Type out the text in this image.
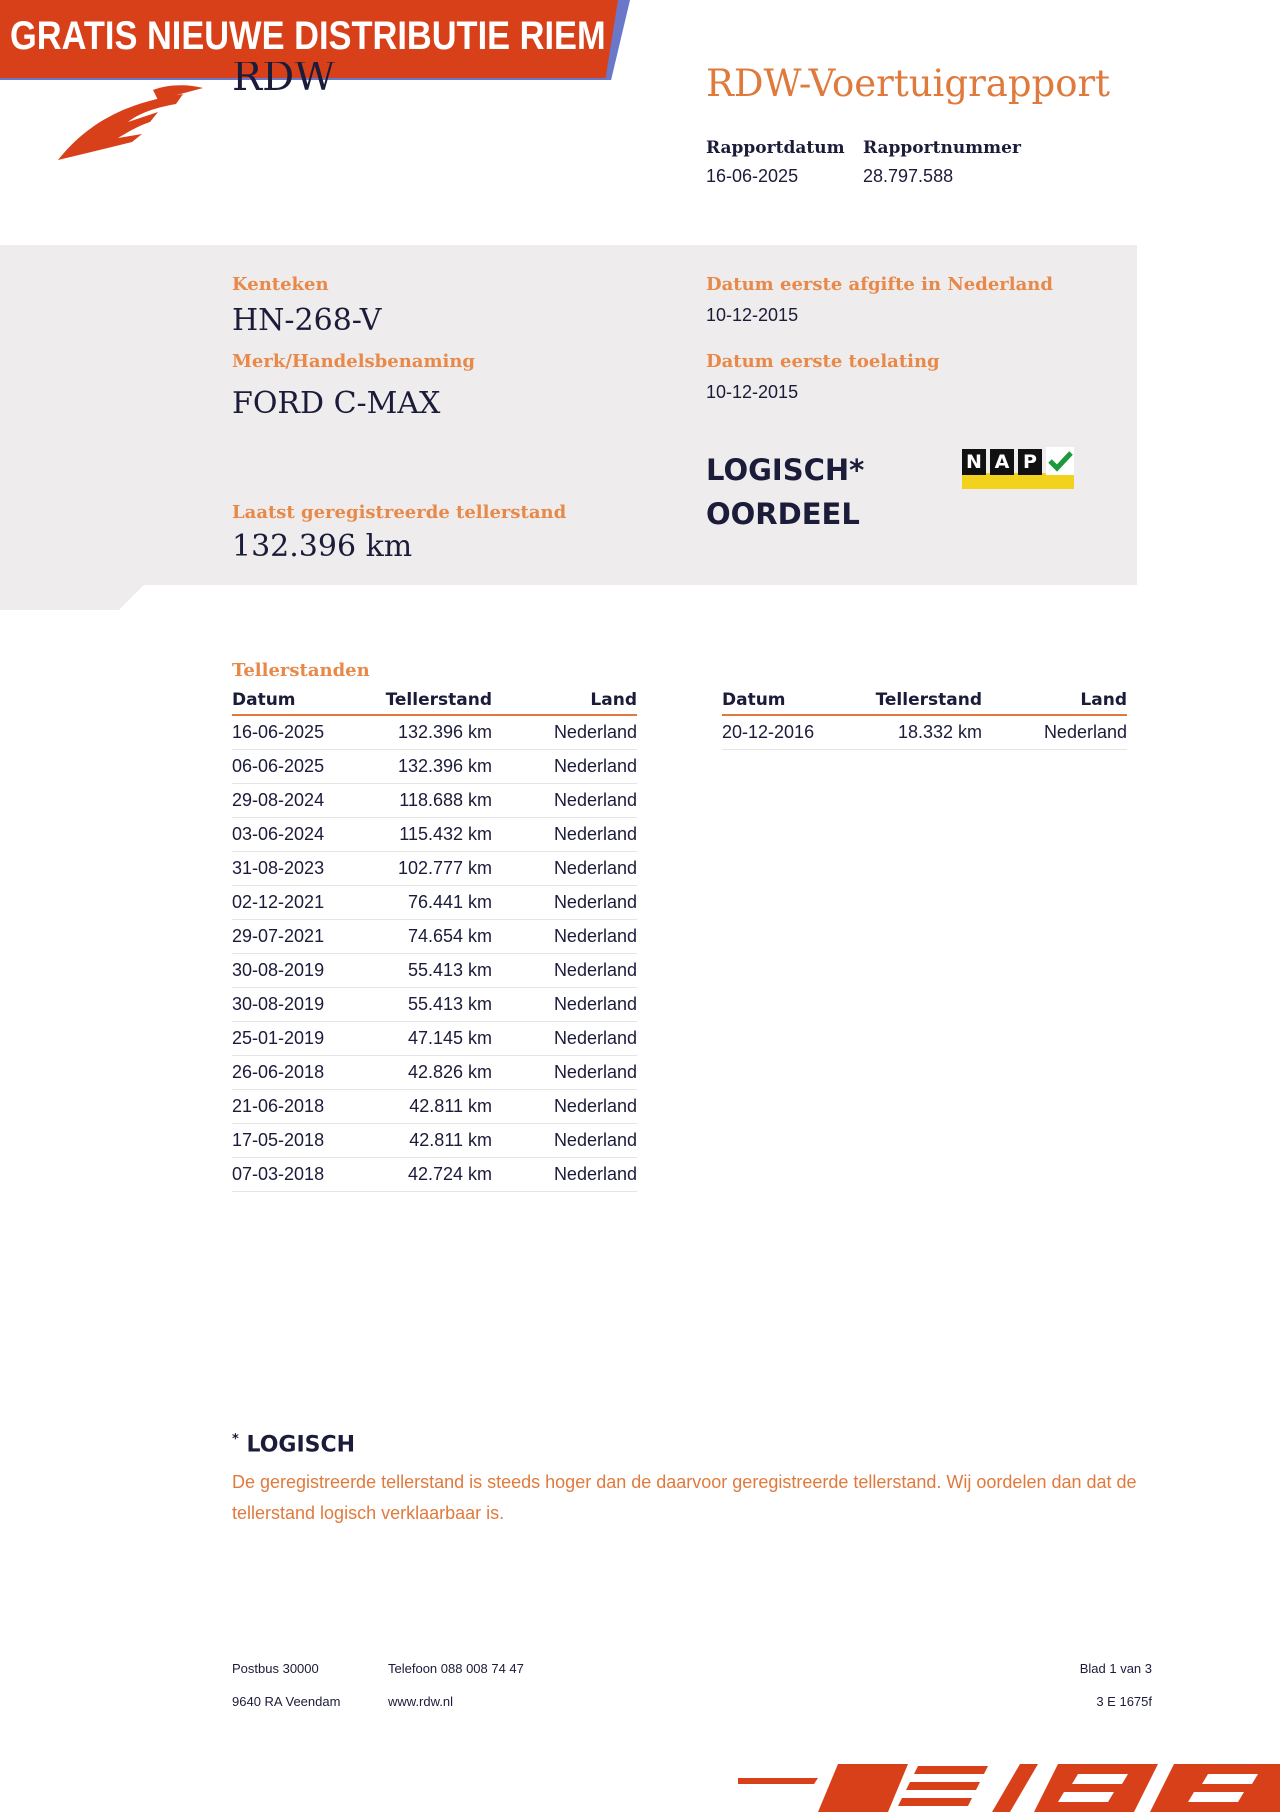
GRATIS NIEUWE DISTRIBUTIE RIEM
RDW	RDW-Voertuigrapport
Rapportdatum
16-06-2025
Rapportnummer
28.797.588
Kenteken
HN-268-V
Merk/Handelsbenaming
FORD C-MAX
Datum eerste afgifte in Nederland
10-12-2015
Datum eerste toelating
10-12-2015
Laatst geregistreerde tellerstand
132.396 km
LOGISCH*
OORDEEL
N A P
Tellerstanden
Datum	Tellerstand	Land
16-06-2025	132.396 km	Nederland
06-06-2025	132.396 km	Nederland
29-08-2024	118.688 km	Nederland
03-06-2024	115.432 km	Nederland
31-08-2023	102.777 km	Nederland
02-12-2021	76.441 km	Nederland
29-07-2021	74.654 km	Nederland
30-08-2019	55.413 km	Nederland
30-08-2019	55.413 km	Nederland
25-01-2019	47.145 km	Nederland
26-06-2018	42.826 km	Nederland
21-06-2018	42.811 km	Nederland
17-05-2018	42.811 km	Nederland
07-03-2018	42.724 km	Nederland
Datum	Tellerstand	Land
20-12-2016	18.332 km	Nederland
* LOGISCH
De geregistreerde tellerstand is steeds hoger dan de daarvoor geregistreerde tellerstand. Wij oordelen dan dat de tellerstand logisch verklaarbaar is.
Postbus 30000
9640 RA Veendam
Telefoon 088 008 74 47
www.rdw.nl
Blad 1 van 3
3 E 1675f
